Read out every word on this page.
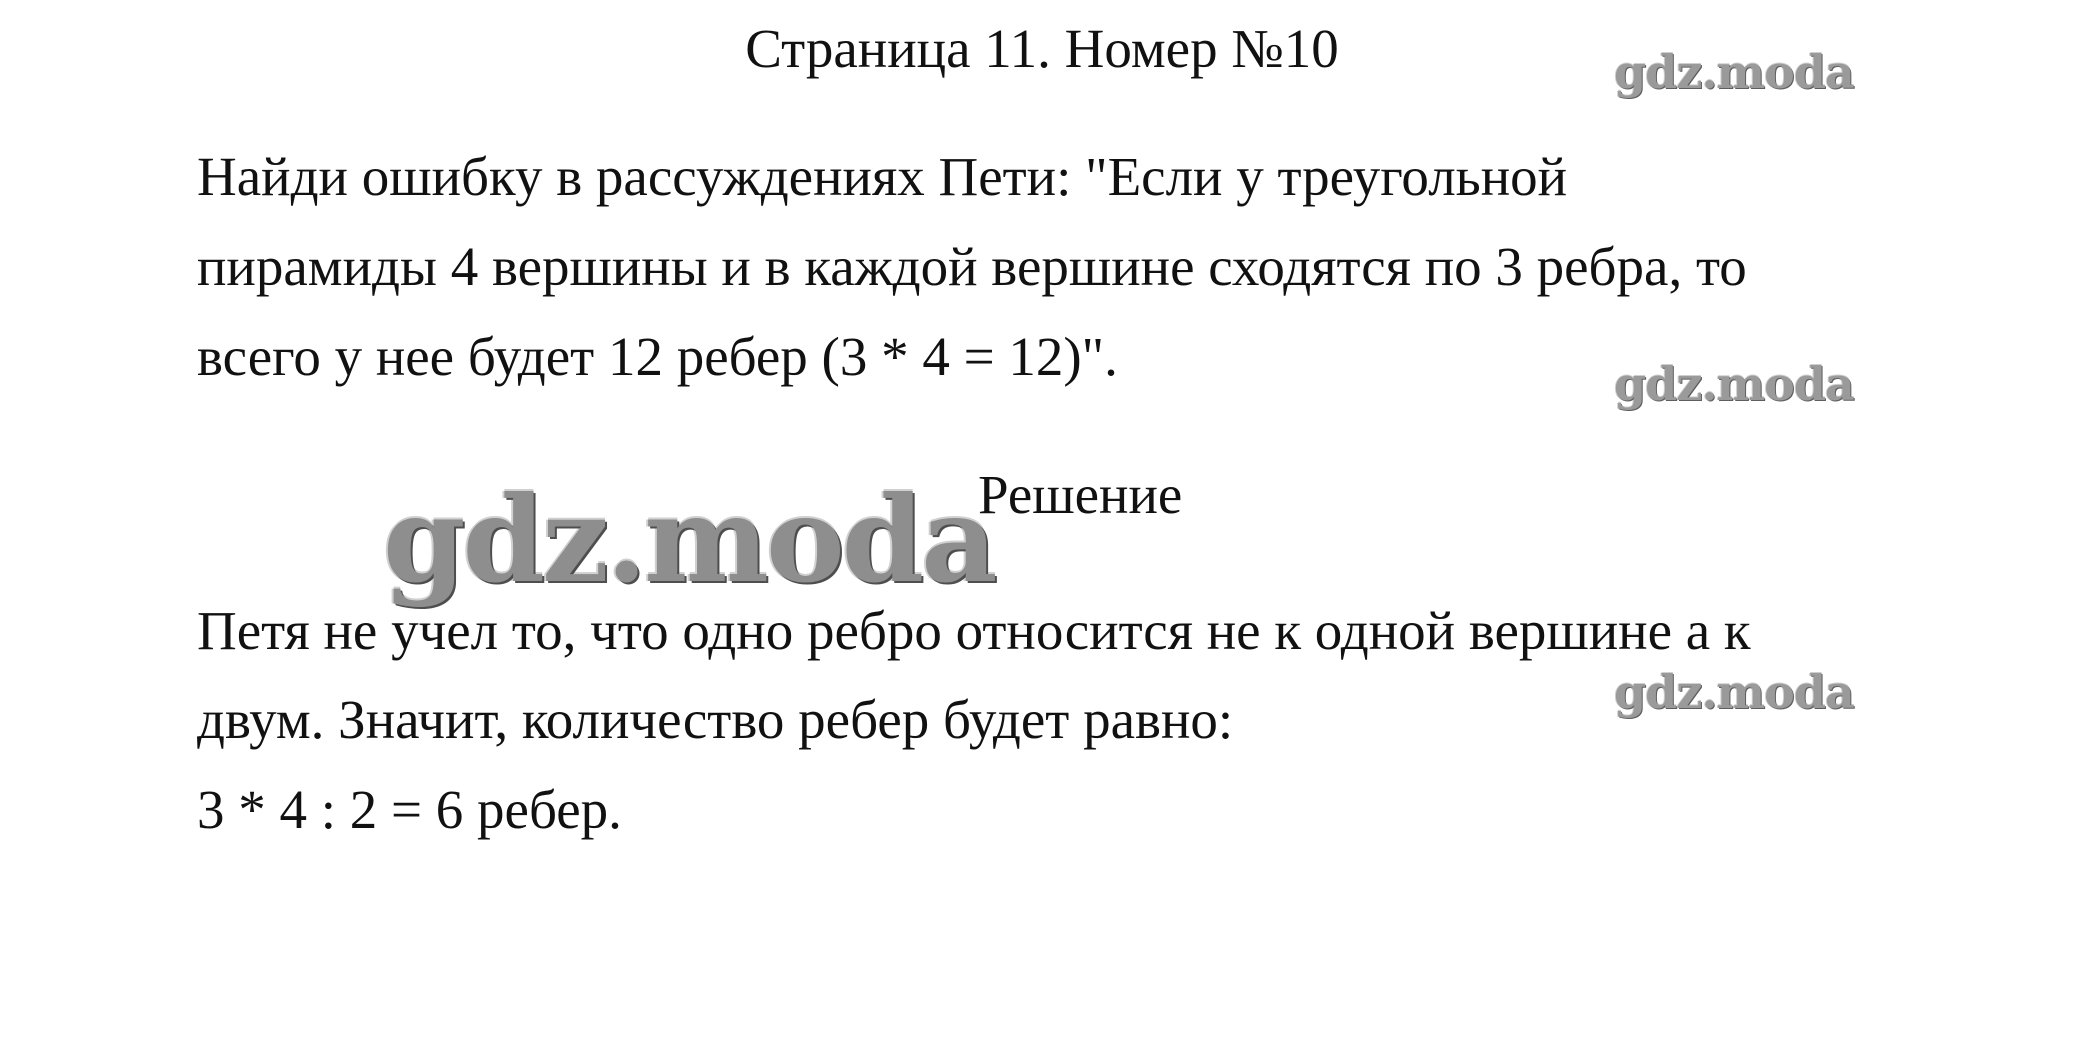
Страница 11. Номер №10	gdz.moda
Найди ошибку в рассуждениях Пети: "Если у треугольной
пирамиды 4 вершины и в каждой вершине сходятся по 3 ребра, то
всего у нее будет 12 ребер (3 * 4 = 12)".	gdz.moda
gdz.moda
Решение
Петя не учел то, что одно ребро относится не к одной вершине а к
двум. Значит, количество ребер будет равно:
3 * 4 : 2 = 6 ребер.
gdz.moda
